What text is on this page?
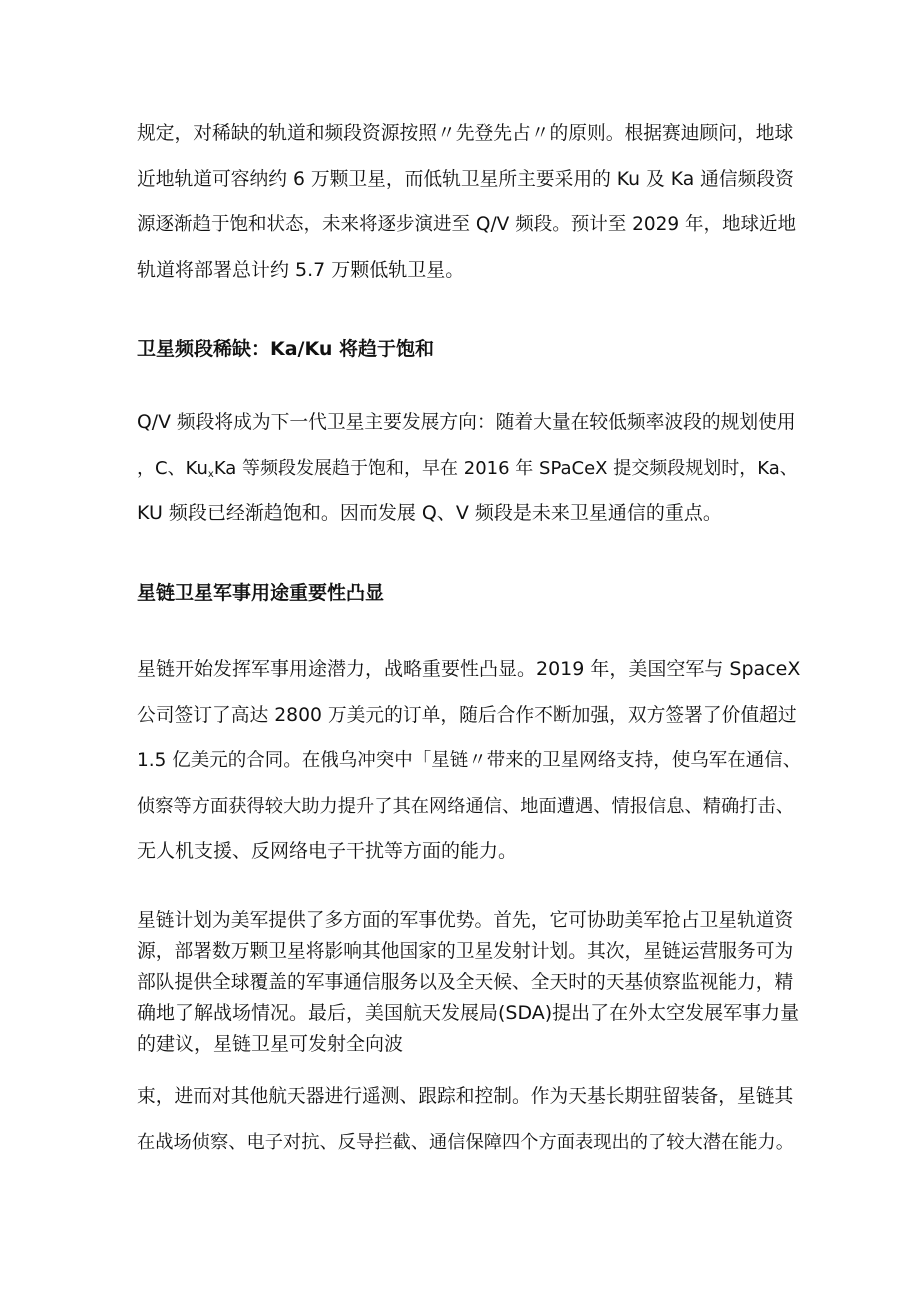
规定，对稀缺的轨道和频段资源按照〃先登先占〃的原则。根据赛迪顾问，地球
近地轨道可容纳约 6 万颗卫星，而低轨卫星所主要采用的 Ku 及 Ka 通信频段资
源逐渐趋于饱和状态，未来将逐步演进至 Q/V 频段。预计至 2029 年，地球近地
轨道将部署总计约 5.7 万颗低轨卫星。
卫星频段稀缺：Ka/Ku 将趋于饱和
Q/V 频段将成为下一代卫星主要发展方向：随着大量在较低频率波段的规划使用
，C、$Ku_xKa$ 等频段发展趋于饱和，早在 2016 年 SPaCeX 提交频段规划时，Ka、
KU 频段已经渐趋饱和。因而发展 Q、V 频段是未来卫星通信的重点。
星链卫星军事用途重要性凸显
星链开始发挥军事用途潜力，战略重要性凸显。2019 年，美国空军与 SpaceX
公司签订了高达 2800 万美元的订单，随后合作不断加强，双方签署了价值超过
1.5 亿美元的合同。在俄乌冲突中「星链〃带来的卫星网络支持，使乌军在通信、
侦察等方面获得较大助力提升了其在网络通信、地面遭遇、情报信息、精确打击、
无人机支援、反网络电子干扰等方面的能力。
星链计划为美军提供了多方面的军事优势。首先，它可协助美军抢占卫星轨道资
源，部署数万颗卫星将影响其他国家的卫星发射计划。其次，星链运营服务可为
部队提供全球覆盖的军事通信服务以及全天候、全天时的天基侦察监视能力，精
确地了解战场情况。最后，美国航天发展局(SDA)提出了在外太空发展军事力量
的建议，星链卫星可发射全向波
束，进而对其他航天器进行遥测、跟踪和控制。作为天基长期驻留装备，星链其
在战场侦察、电子对抗、反导拦截、通信保障四个方面表现出的了较大潜在能力。
